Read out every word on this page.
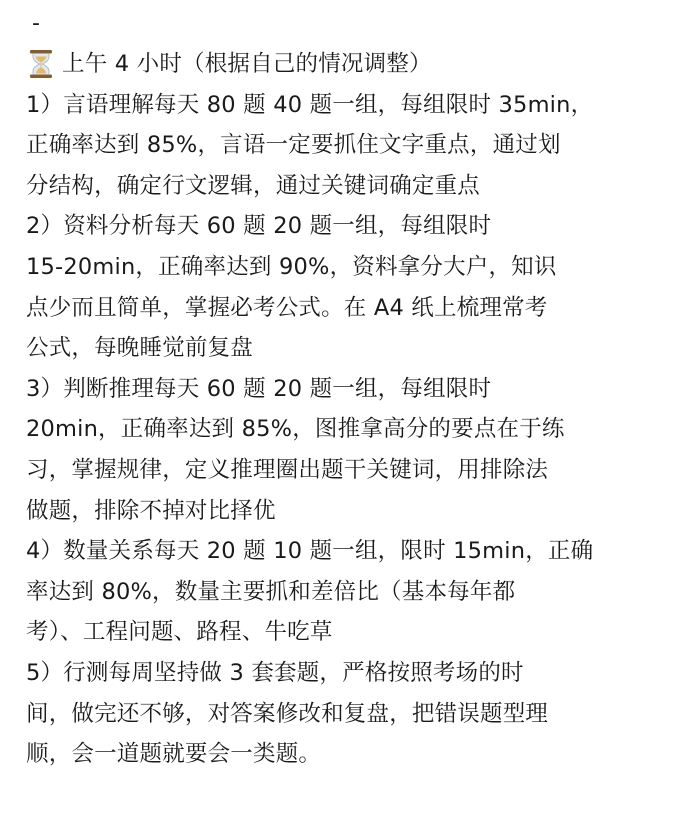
-
上午 4 小时（根据自己的情况调整）
1）言语理解每天 80 题 40 题一组，每组限时 35min，
正确率达到 85%，言语一定要抓住文字重点，通过划
分结构，确定行文逻辑，通过关键词确定重点
2）资料分析每天 60 题 20 题一组，每组限时
15-20min，正确率达到 90%，资料拿分大户，知识
点少而且简单，掌握必考公式。在 A4 纸上梳理常考
公式，每晚睡觉前复盘
3）判断推理每天 60 题 20 题一组，每组限时
20min，正确率达到 85%，图推拿高分的要点在于练
习，掌握规律，定义推理圈出题干关键词，用排除法
做题，排除不掉对比择优
4）数量关系每天 20 题 10 题一组，限时 15min，正确
率达到 80%，数量主要抓和差倍比（基本每年都
考）、工程问题、路程、牛吃草
5）行测每周坚持做 3 套套题，严格按照考场的时
间，做完还不够，对答案修改和复盘，把错误题型理
顺，会一道题就要会一类题。
